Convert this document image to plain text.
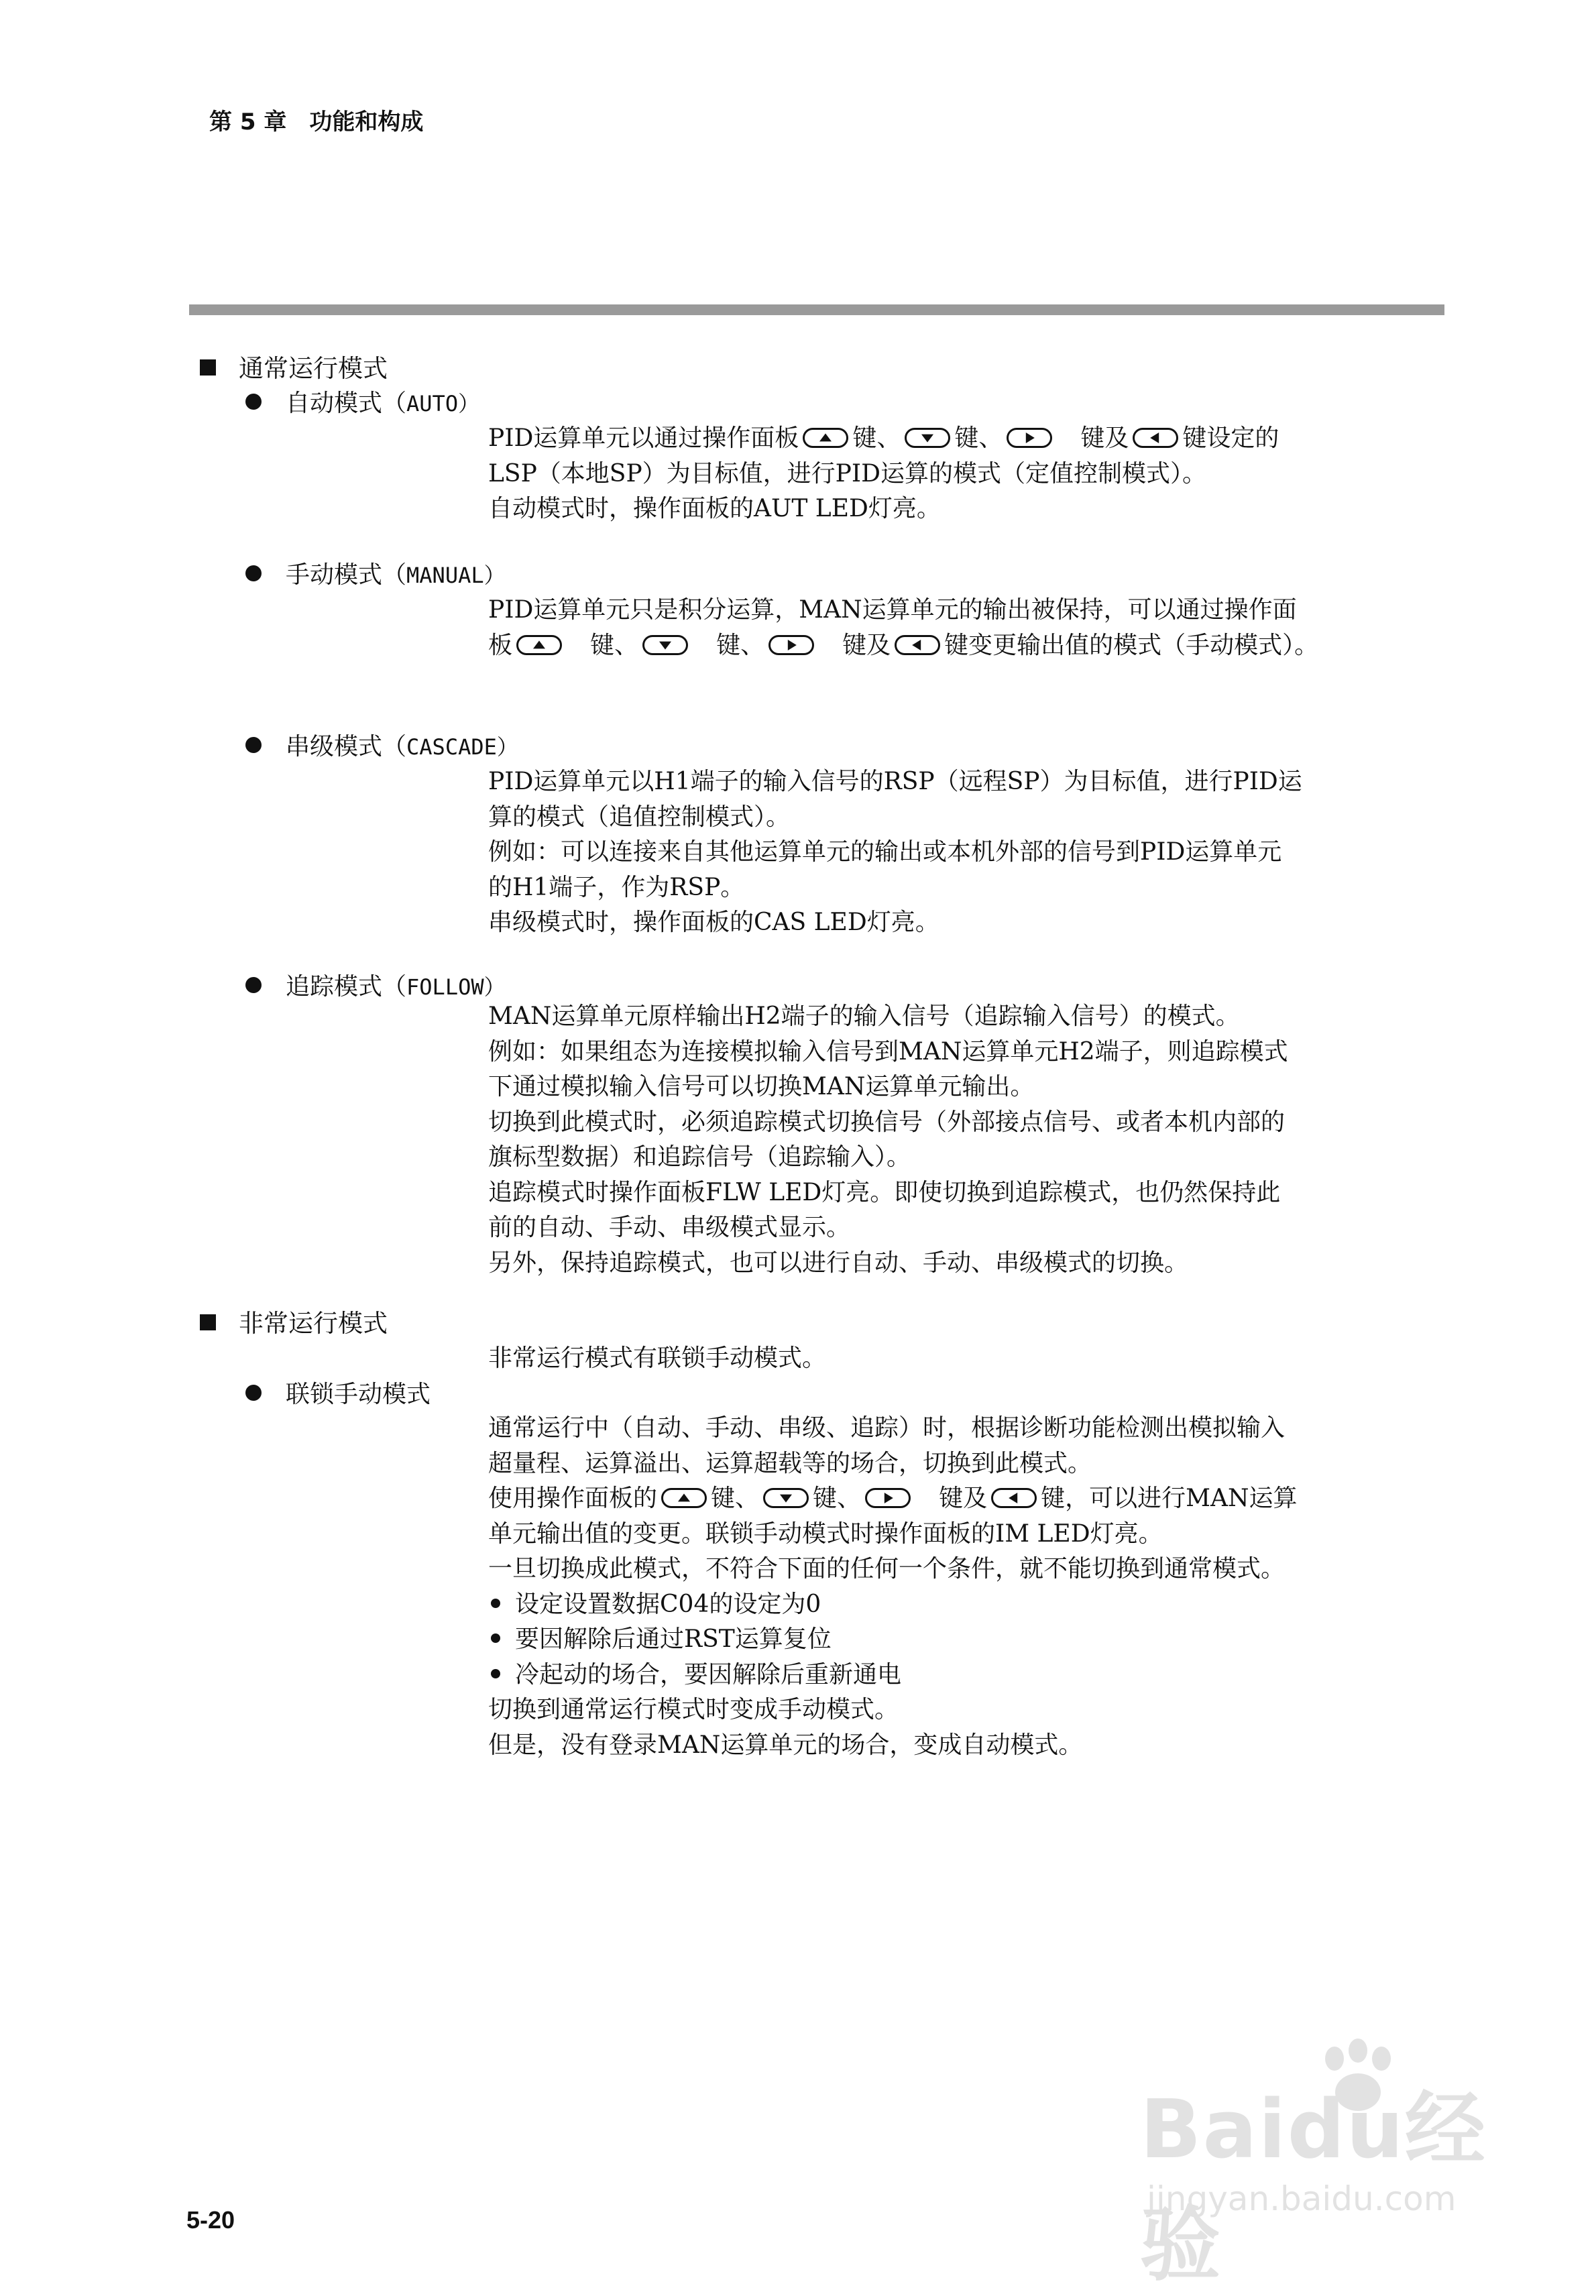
第 5 章　功能和构成
通常运行模式
自动模式（AUTO）

PID运算单元以通过操作面板 键、 键、
　	键及 键设定的

LSP（本地SP）为目标值，进行PID运算的模式（定值控制模式）。

自动模式时，操作面板的AUT LED灯亮。

手动模式（MANUAL）

PID运算单元只是积分运算，MAN运算单元的输出被保持，可以通过操作面

板
　	键、
　	键、
　	键及 键变更输出值的模式（手动模式）。

串级模式（CASCADE）

PID运算单元以H1端子的输入信号的RSP（远程SP）为目标值，进行PID运

算的模式（追值控制模式）。

例如：可以连接来自其他运算单元的输出或本机外部的信号到PID运算单元

的H1端子，作为RSP。

串级模式时，操作面板的CAS LED灯亮。

追踪模式（FOLLOW）

MAN运算单元原样输出H2端子的输入信号（追踪输入信号）的模式。

例如：如果组态为连接模拟输入信号到MAN运算单元H2端子，则追踪模式

下通过模拟输入信号可以切换MAN运算单元输出。

切换到此模式时，必须追踪模式切换信号（外部接点信号、或者本机内部的

旗标型数据）和追踪信号（追踪输入）。

追踪模式时操作面板FLW LED灯亮。即使切换到追踪模式，也仍然保持此

前的自动、手动、串级模式显示。

另外，保持追踪模式，也可以进行自动、手动、串级模式的切换。

非常运行模式

非常运行模式有联锁手动模式。

联锁手动模式

通常运行中（自动、手动、串级、追踪）时，根据诊断功能检测出模拟输入

超量程、运算溢出、运算超载等的场合，切换到此模式。

使用操作面板的 键、 键、
　	键及 键，可以进行MAN运算

单元输出值的变更。联锁手动模式时操作面板的IM LED灯亮。

一旦切换成此模式，不符合下面的任何一个条件，就不能切换到通常模式。

设定设置数据C04的设定为0

要因解除后通过RST运算复位

冷起动的场合，要因解除后重新通电

切换到通常运行模式时变成手动模式。

但是，没有登录MAN运算单元的场合，变成自动模式。

5-20
Baidu经验
jingyan.baidu.com
